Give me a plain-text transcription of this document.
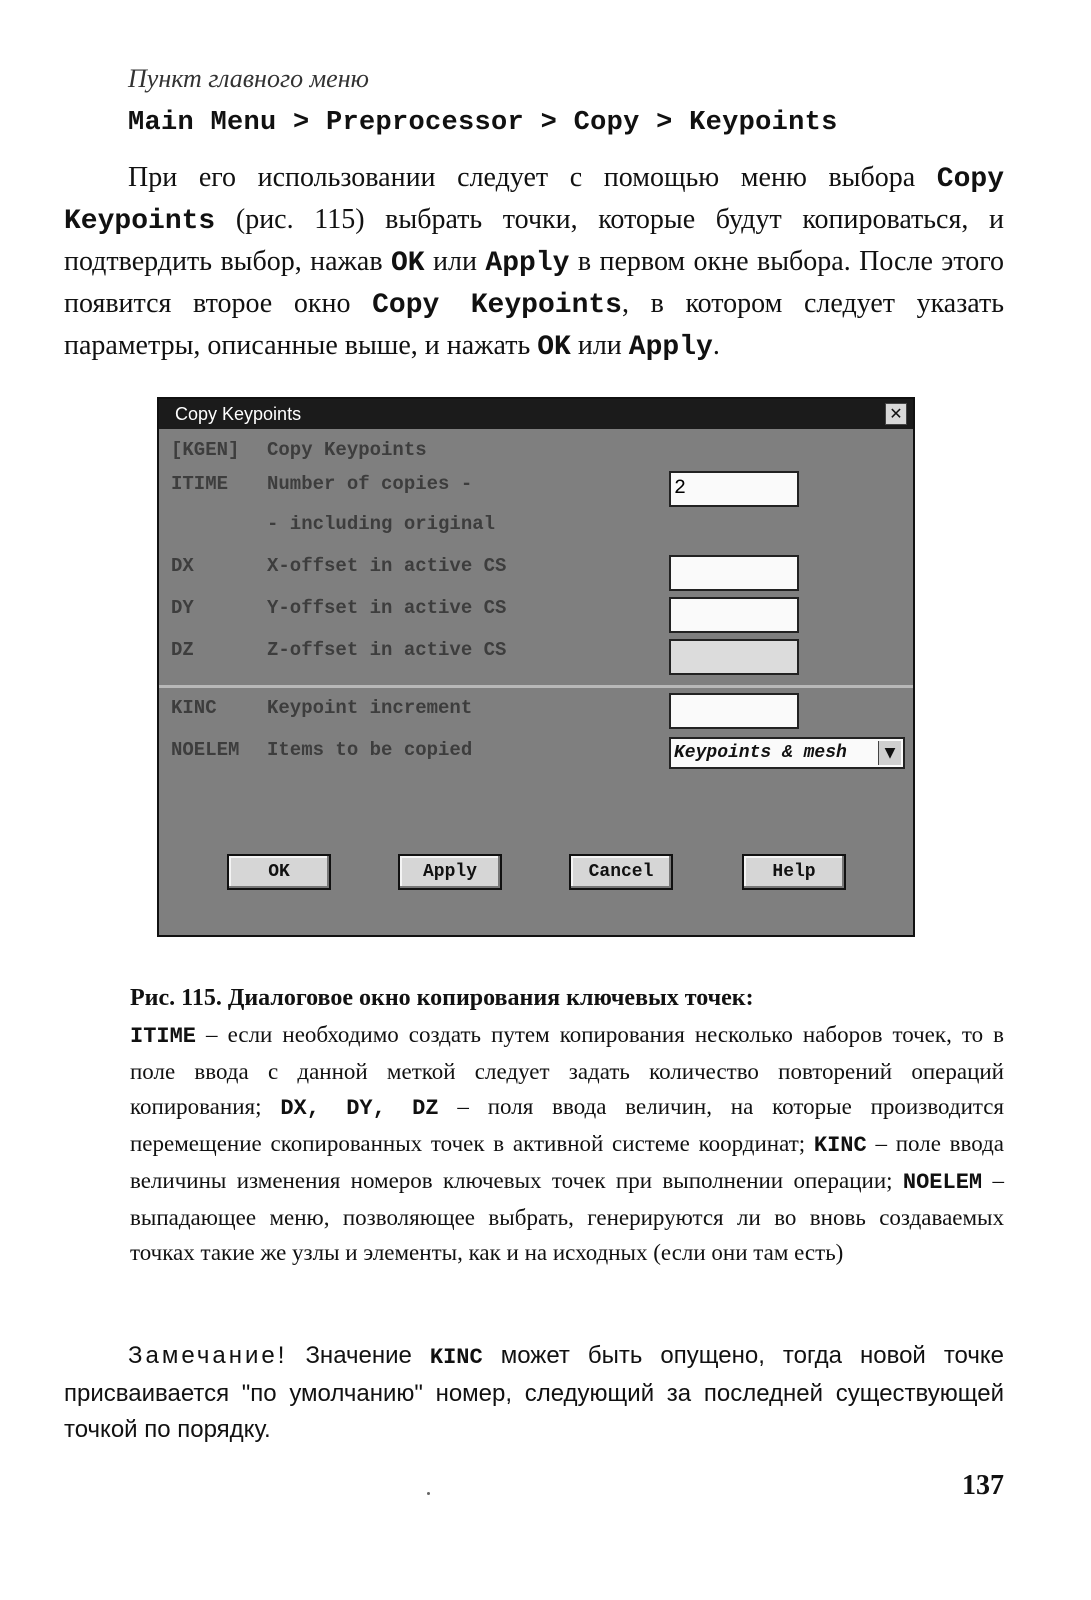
Пункт главного меню
Main Menu > Preprocessor > Copy > Keypoints

При его использовании следует с помощью меню выбора Copy Keypoints (рис. 115) выбрать точки, которые будут копироваться, и подтвердить выбор, нажав OK или Apply в первом окне выбора. После этого появится второе окно Copy Keypoints, в котором следует указать параметры, описанные выше, и нажать OK или Apply.

Copy Keypoints	✕
[KGEN] Copy Keypoints
ITIME Number of copies -	2
- including original
DX	X-offset in active CS
DY	Y-offset in active CS
DZ	Z-offset in active CS
KINC	Keypoint increment
NOELEM Items to be copied	Keypoints & mesh	▼
OK	Apply	Cancel	Help
Рис. 115. Диалоговое окно копирования ключевых точек:
ITIME – если необходимо создать путем копирования несколько наборов точек, то в поле ввода с данной меткой следует задать количество повторений операций копирования; DX, DY, DZ – поля ввода величин, на которые производится перемещение скопированных точек в активной системе координат; KINC – поле ввода величины изменения номеров ключевых точек при выполнении операции; NOELEM – выпадающее меню, позволяющее выбрать, генерируются ли во вновь создаваемых точках такие же узлы и элементы, как и на исходных (если они там есть)

Замечание! Значение KINC может быть опущено, тогда новой точке присваивается "по умолчанию" номер, следующий за последней существующей точкой по порядку.

137
